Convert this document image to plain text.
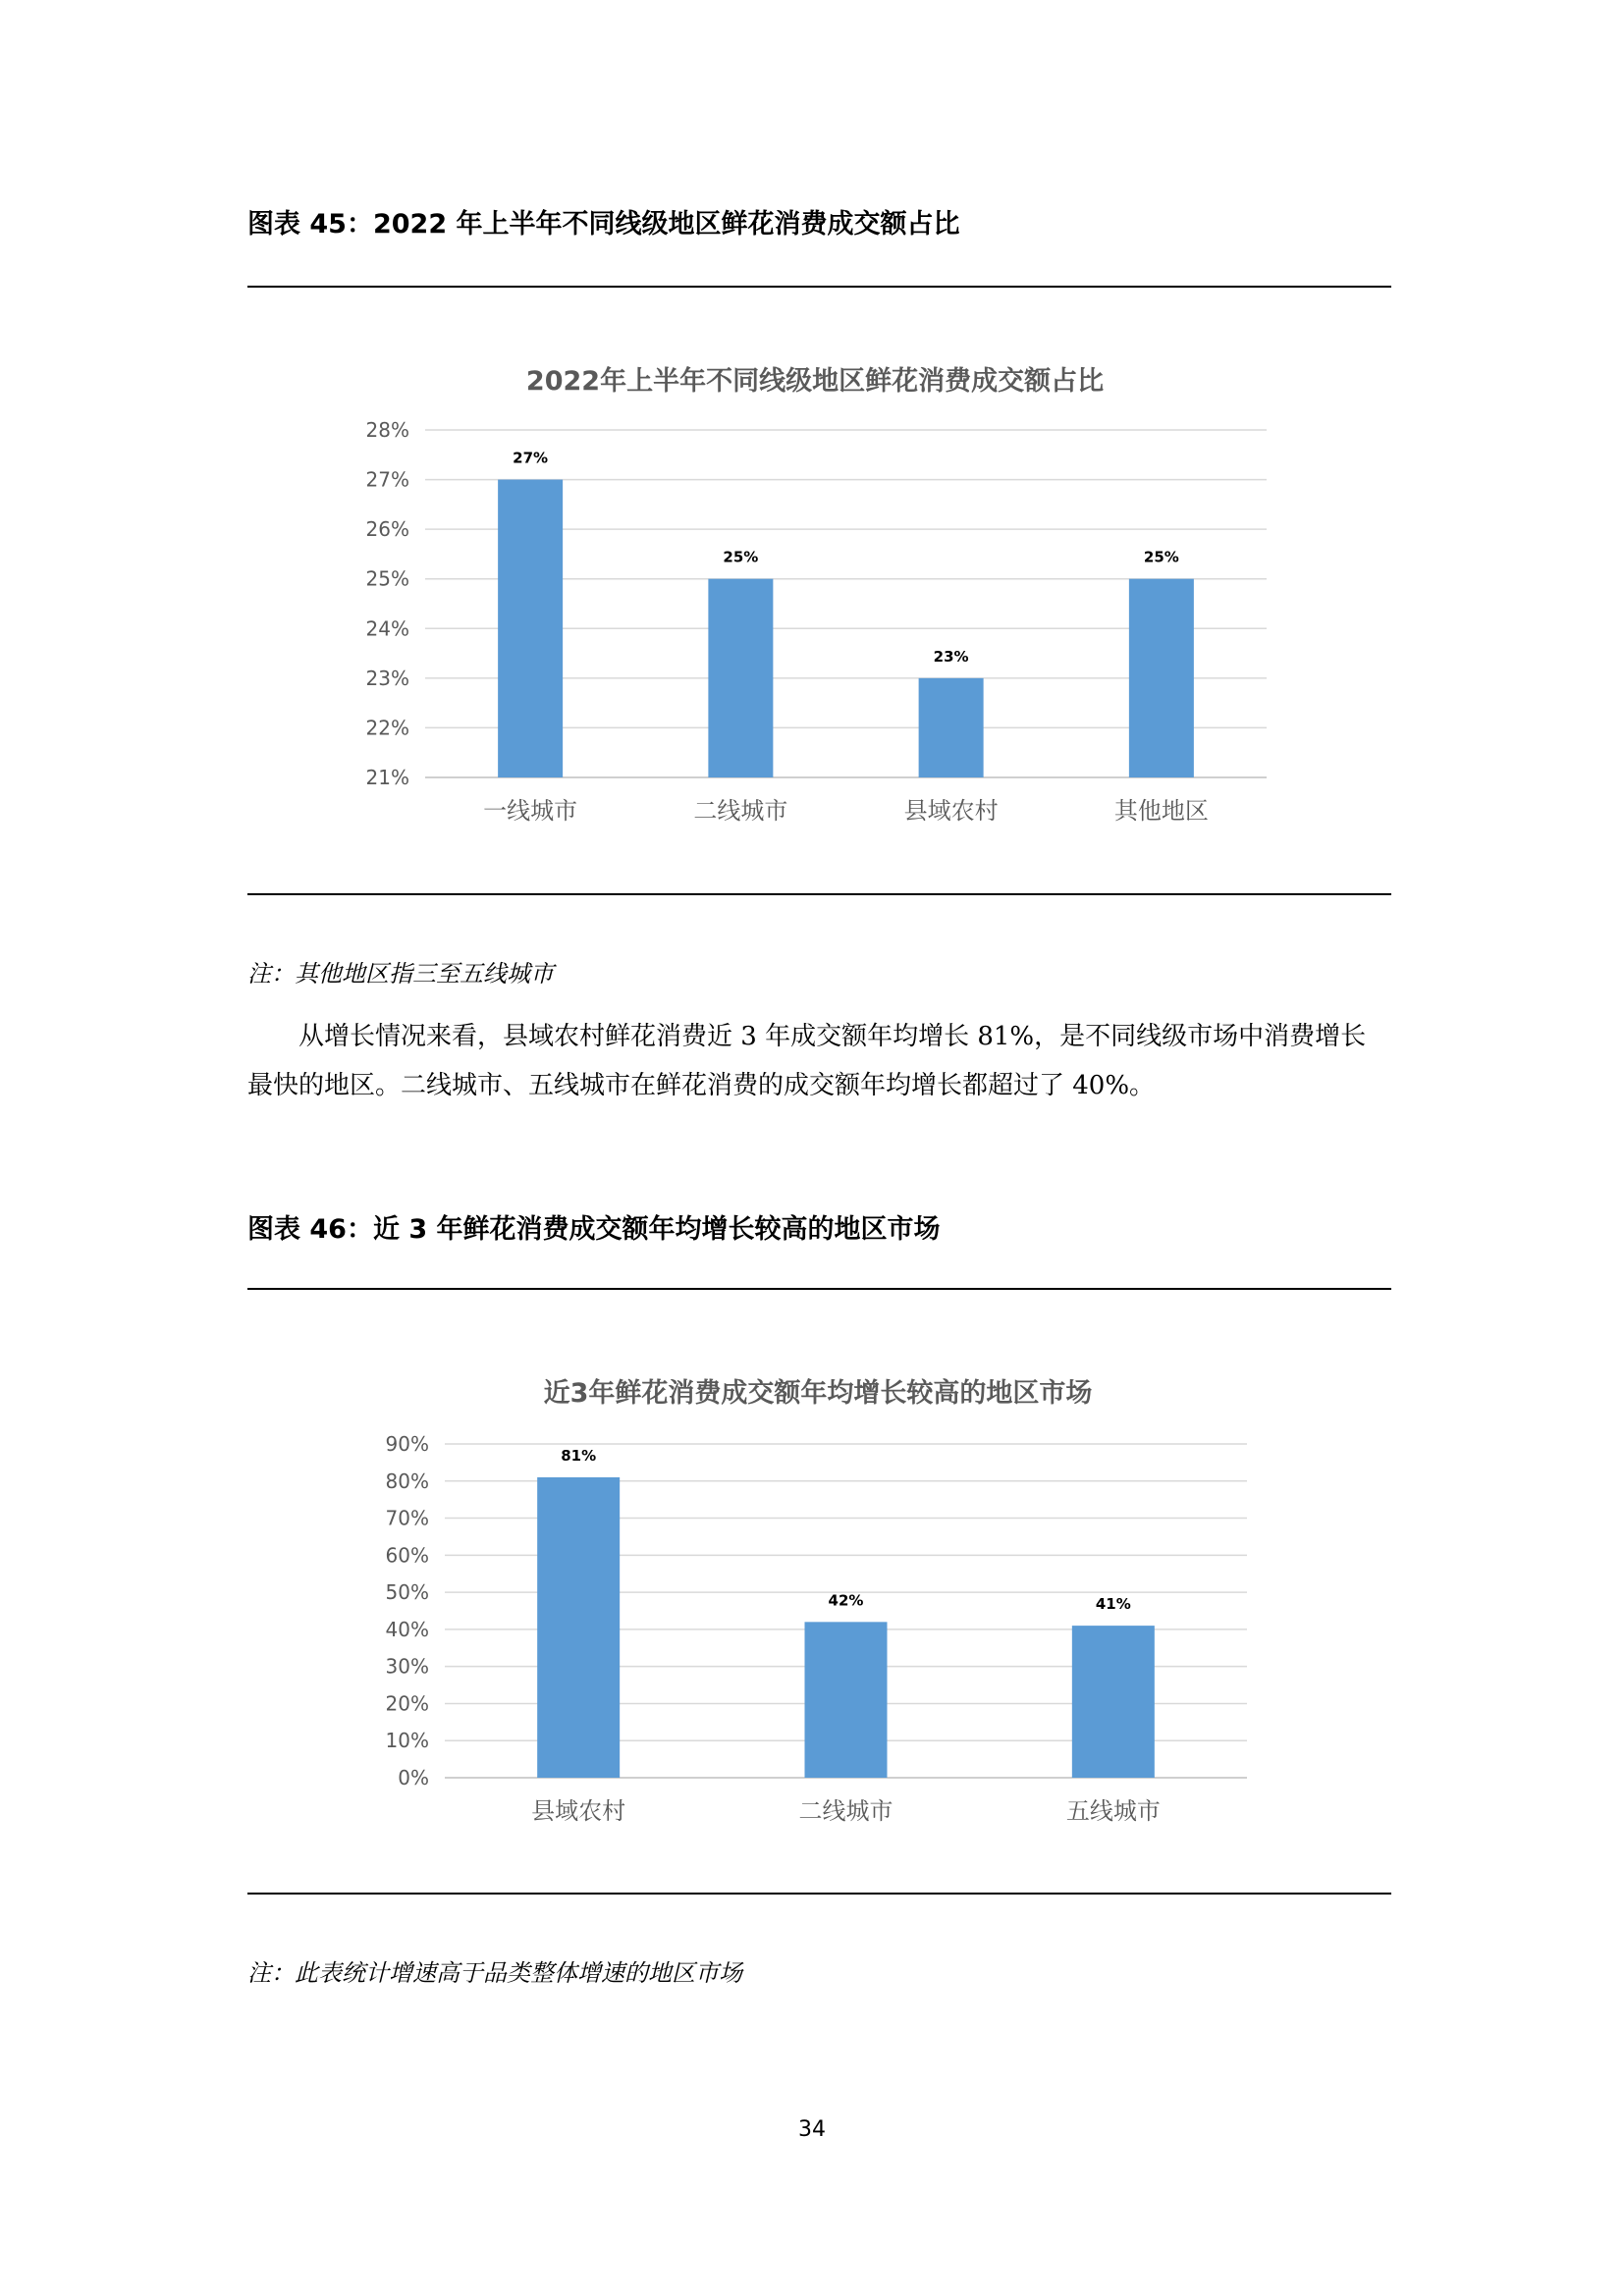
图表 45：2022 年上半年不同线级地区鲜花消费成交额占比
2022年上半年不同线级地区鲜花消费成交额占比
21%
22%
23%
24%
25%
26%
27%
28%
27%
25%
23%
25%
一线城市	二线城市	县域农村	其他地区
注：其他地区指三至五线城市

从增长情况来看，县域农村鲜花消费近 3 年成交额年均增长 81%，是不同线级市场中消费增长最快的地区。二线城市、五线城市在鲜花消费的成交额年均增长都超过了 40%。

图表 46：近 3 年鲜花消费成交额年均增长较高的地区市场
近3年鲜花消费成交额年均增长较高的地区市场
0%
10%
20%
30%
40%
50%
60%
70%
80%
90%	81%
42%	41%
县域农村	二线城市	五线城市
注：此表统计增速高于品类整体增速的地区市场
34
